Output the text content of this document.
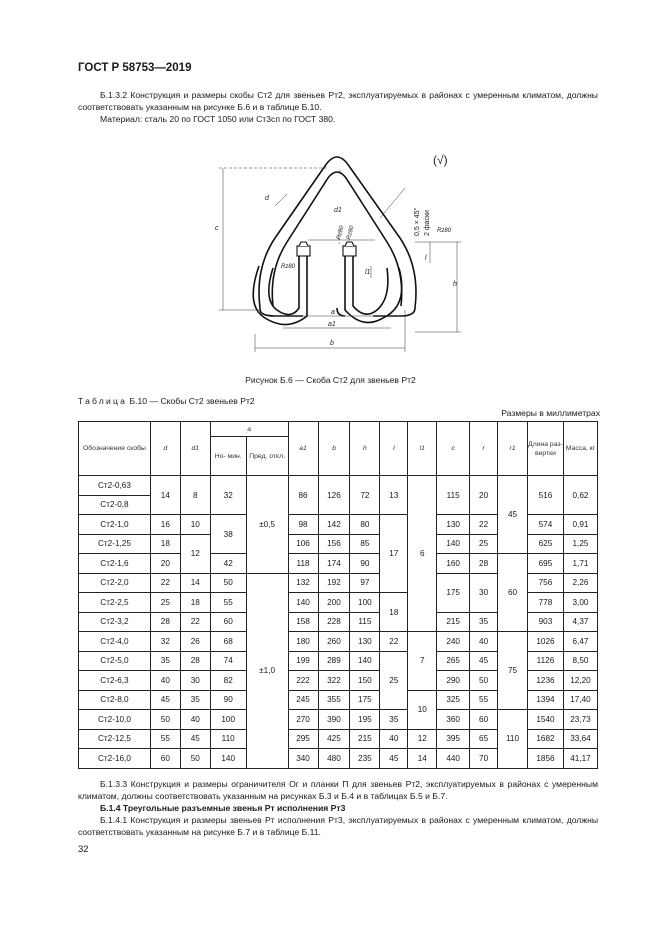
ГОСТ Р 58753—2019
Б.1.3.2 Конструкция и размеры скобы Ст2 для звеньев Рт2, эксплуатируемых в районах с умеренным климатом, должны соответствовать указанным на рисунке Б.6 и в таблице Б.10.
Материал: сталь 20 по ГОСТ 1050 или Ст3сп по ГОСТ 380.
(√)
c
d
d1
r
Rz80
Rz80 Rz80	Rz80
0,5 × 45° 2 фаски
l
l1
h
a
a1
b
Рисунок Б.6 — Скоба Ст2 для звеньев Рт2
Таблица Б.10 — Скобы Ст2 звеньев Рт2
Размеры в миллиметрах
Обозначение скобы	d	d1	a		a1	b	h	l	l1	c	r	r1	Длина раз- вертки	Масса, кг
			Но- мин.	Пред. откл.										
Ст2-0,63	14	8	32	±0,5	86	126	72	13	6	115	20	45	516	0,62
Ст2-0,8														
Ст2-1,0	16	10	38		98	142	80	17		130	22		574	0,91
Ст2-1,25	18	12			106	156	85			140	25		625	1,25
Ст2-1,6	20		42		118	174	90			160	28	60	695	1,71
Ст2-2,0	22	14	50	±1,0	132	192	97			175	30		756	2,26
Ст2-2,5	25	18	55		140	200	100	18					778	3,00
Ст2-3,2	28	22	60		158	228	115			215	35		903	4,37
Ст2-4,0	32	26	68		180	260	130	22	7	240	40	75	1026	6,47
Ст2-5,0	35	28	74		199	289	140	25		265	45		1126	8,50
Ст2-6,3	40	30	82		222	322	150			290	50		1236	12,20
Ст2-8,0	45	35	90		245	355	175		10	325	55		1394	17,40
Ст2-10,0	50	40	100		270	390	195	35		360	60	110	1540	23,73
Ст2-12,5	55	45	110		295	425	215	40	12	395	65		1682	33,64
Ст2-16,0	60	50	140		340	480	235	45	14	440	70		1856	41,17
Б.1.3.3 Конструкция и размеры ограничителя Ог и планки П для звеньев Рт2, эксплуатируемых в районах с умеренным климатом, должны соответствовать указанным на рисунках Б.3 и Б.4 и в таблицах Б.5 и Б.7.
Б.1.4 Треугольные разъемные звенья Рт исполнения Рт3
Б.1.4.1 Конструкция и размеры звеньев Рт исполнения Рт3, эксплуатируемых в районах с умеренным климатом, должны соответствовать указанным на рисунке Б.7 и в таблице Б.11.
32
